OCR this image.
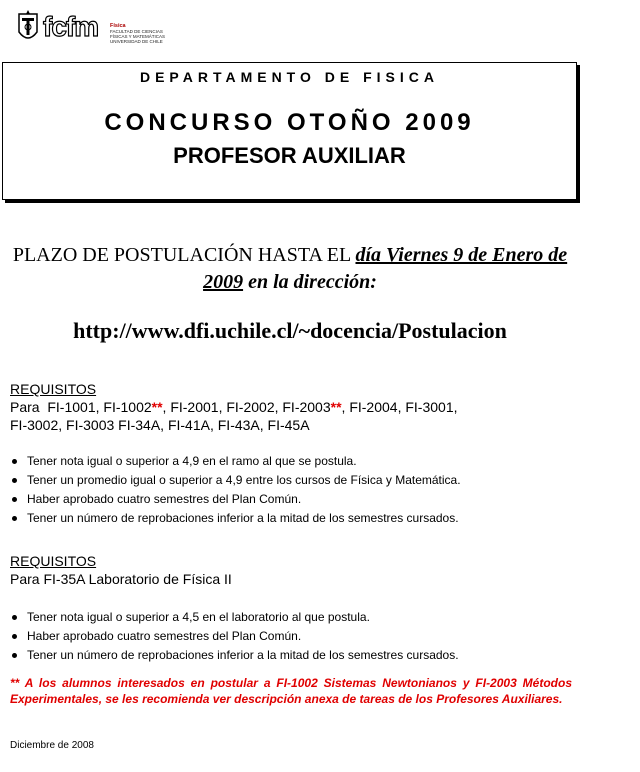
fcfm Física
FACULTAD DE CIENCIAS
FÍSICAS Y MATEMÁTICAS
UNIVERSIDAD DE CHILE
DEPARTAMENTO DE FISICA
CONCURSO OTOÑO 2009
PROFESOR AUXILIAR
PLAZO DE POSTULACIÓN HASTA EL día Viernes 9 de Enero de 2009 en la dirección:
http://www.dfi.uchile.cl/~docencia/Postulacion
REQUISITOS
Para FI-1001, FI-1002**, FI-2001, FI-2002, FI-2003**, FI-2004, FI-3001,
FI-3002, FI-3003 FI-34A, FI-41A, FI-43A, FI-45A
Tener nota igual o superior a 4,9 en el ramo al que se postula.
Tener un promedio igual o superior a 4,9 entre los cursos de Física y Matemática.
Haber aprobado cuatro semestres del Plan Común.
Tener un número de reprobaciones inferior a la mitad de los semestres cursados.
REQUISITOS
Para FI-35A Laboratorio de Física II
Tener nota igual o superior a 4,5 en el laboratorio al que postula.
Haber aprobado cuatro semestres del Plan Común.
Tener un número de reprobaciones inferior a la mitad de los semestres cursados.
** A los alumnos interesados en postular a FI-1002 Sistemas Newtonianos y FI-2003 Métodos Experimentales, se les recomienda ver descripción anexa de tareas de los Profesores Auxiliares.
Diciembre de 2008
